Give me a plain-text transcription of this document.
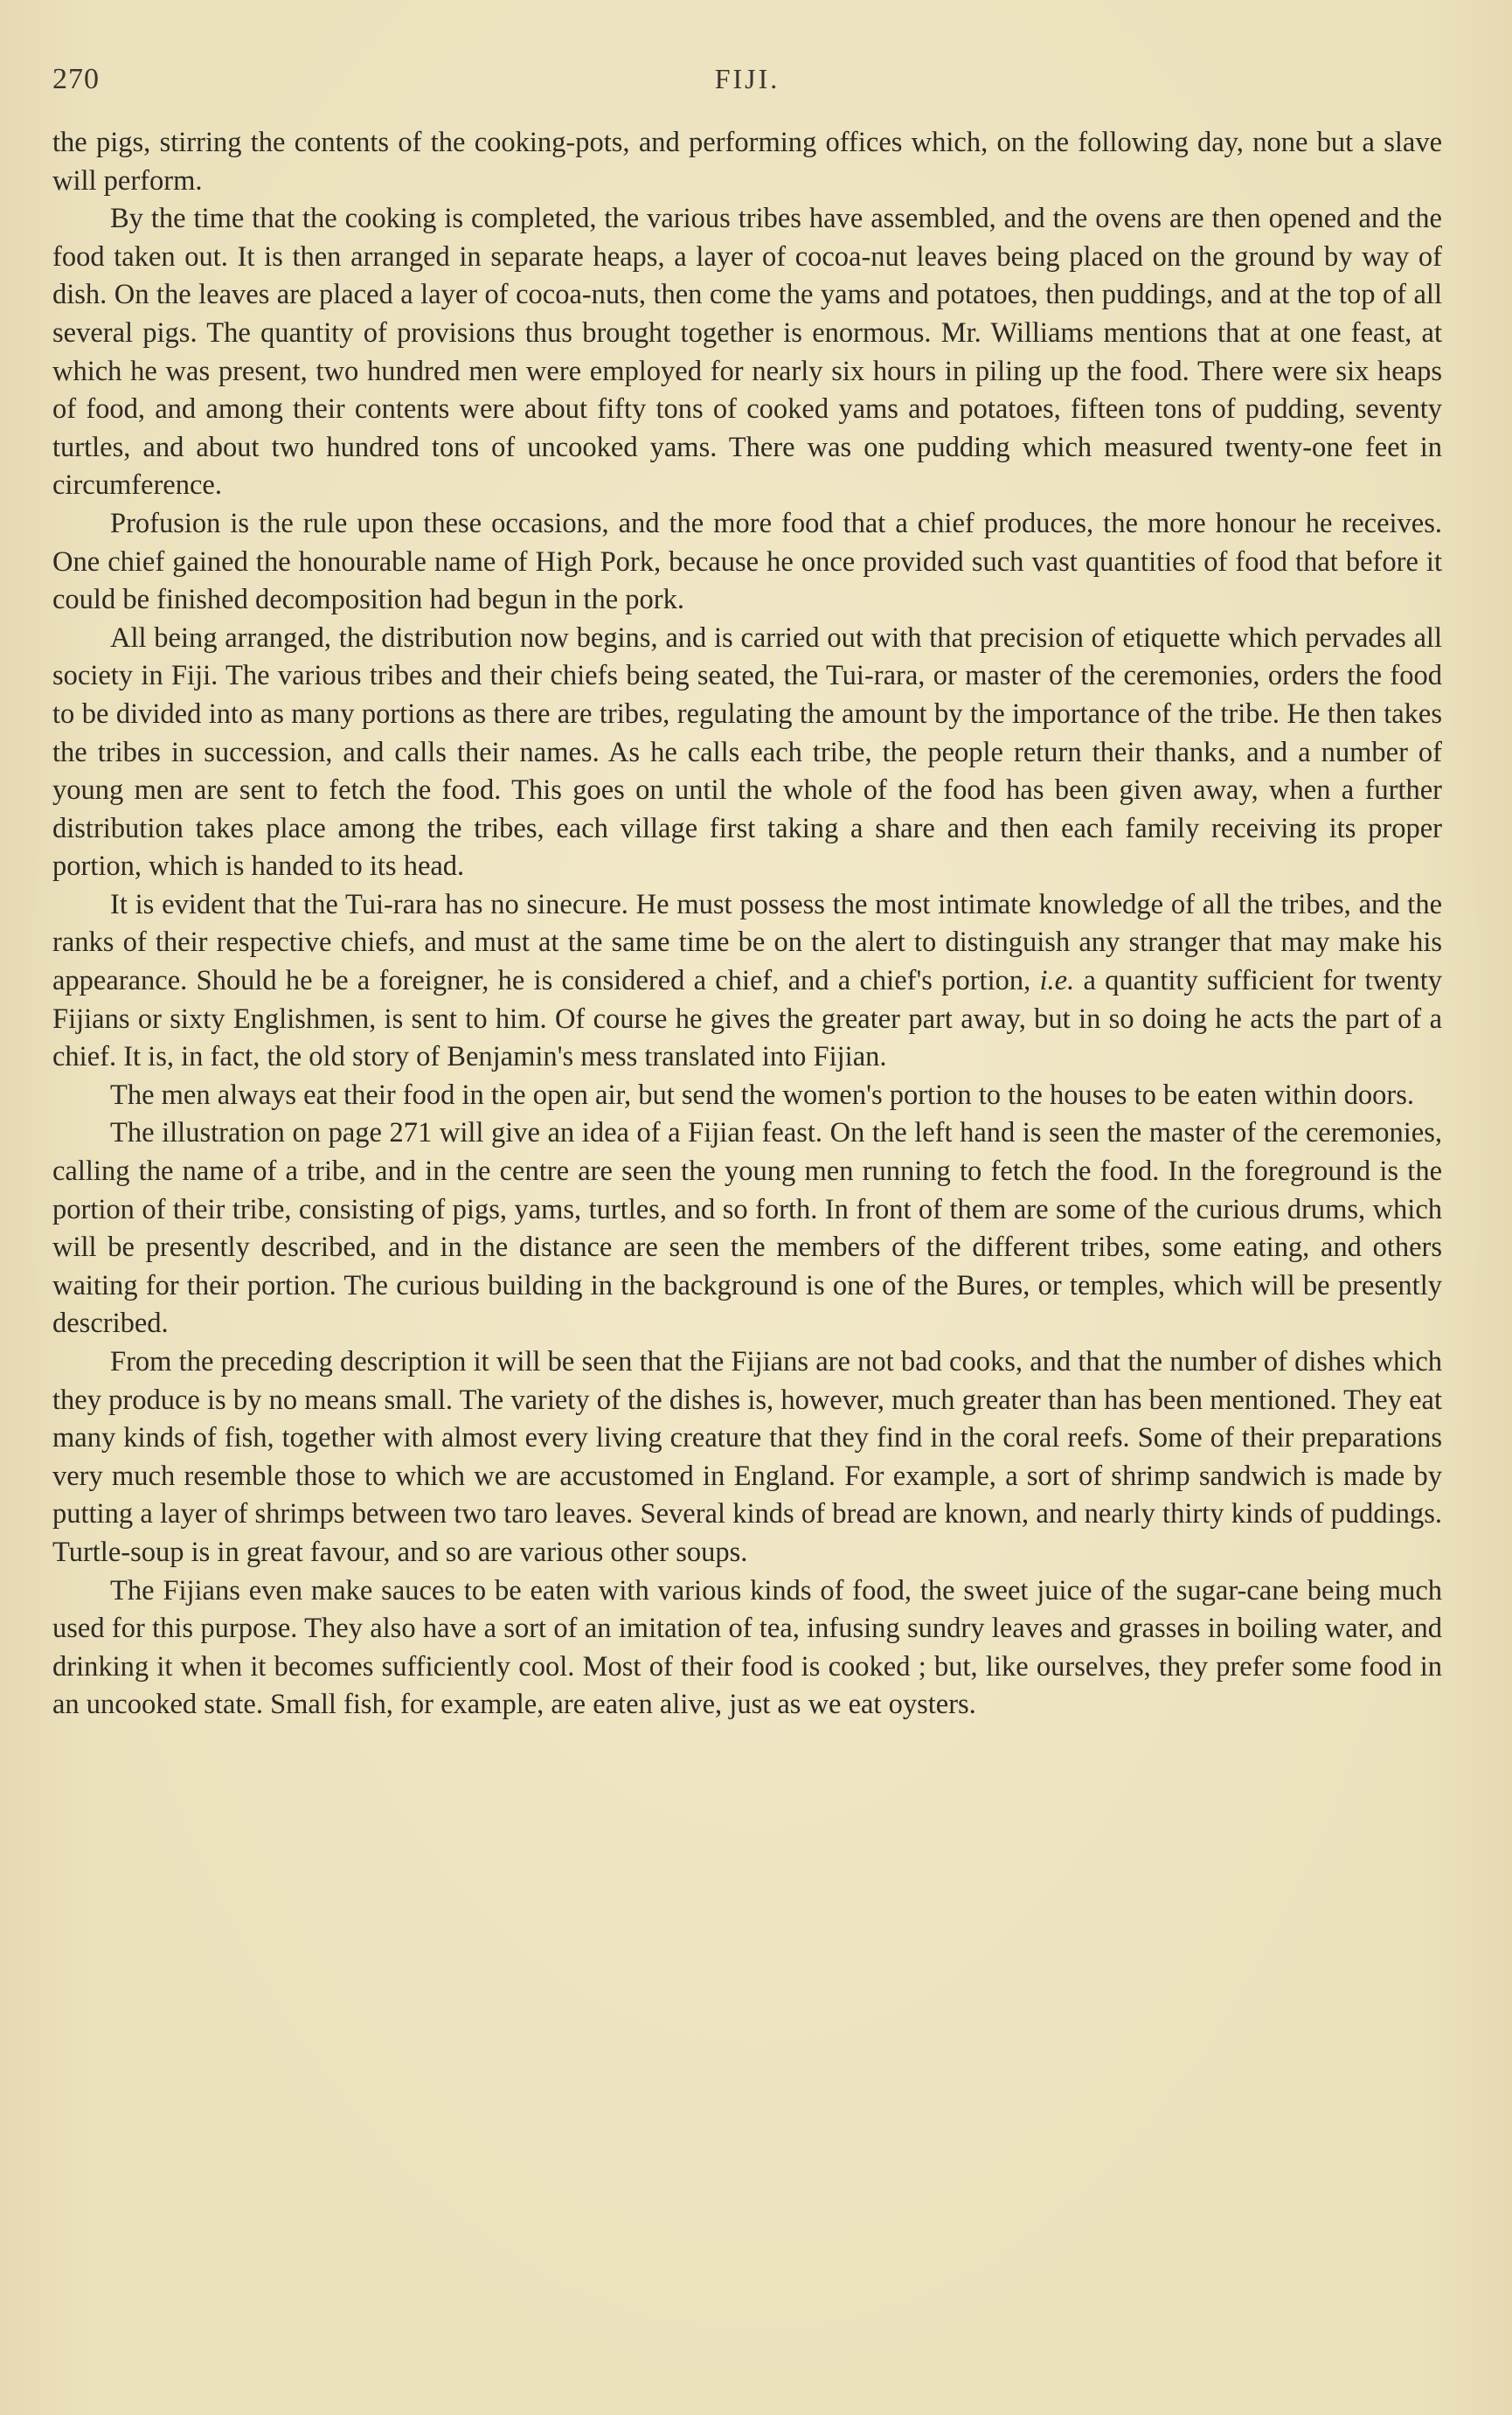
270	FIJI.

the pigs, stirring the contents of the cooking-pots, and performing offices which, on the following day, none but a slave will perform.

By the time that the cooking is completed, the various tribes have assembled, and the ovens are then opened and the food taken out. It is then arranged in separate heaps, a layer of cocoa-nut leaves being placed on the ground by way of dish. On the leaves are placed a layer of cocoa-nuts, then come the yams and potatoes, then puddings, and at the top of all several pigs. The quantity of provisions thus brought together is enormous. Mr. Williams mentions that at one feast, at which he was present, two hundred men were employed for nearly six hours in piling up the food. There were six heaps of food, and among their contents were about fifty tons of cooked yams and potatoes, fifteen tons of pudding, seventy turtles, and about two hundred tons of uncooked yams. There was one pudding which measured twenty-one feet in circumference.

Profusion is the rule upon these occasions, and the more food that a chief produces, the more honour he receives. One chief gained the honourable name of High Pork, because he once provided such vast quantities of food that before it could be finished decomposition had begun in the pork.

All being arranged, the distribution now begins, and is carried out with that precision of etiquette which pervades all society in Fiji. The various tribes and their chiefs being seated, the Tui-rara, or master of the ceremonies, orders the food to be divided into as many portions as there are tribes, regulating the amount by the importance of the tribe. He then takes the tribes in succession, and calls their names. As he calls each tribe, the people return their thanks, and a number of young men are sent to fetch the food. This goes on until the whole of the food has been given away, when a further distribution takes place among the tribes, each village first taking a share and then each family receiving its proper portion, which is handed to its head.

It is evident that the Tui-rara has no sinecure. He must possess the most intimate knowledge of all the tribes, and the ranks of their respective chiefs, and must at the same time be on the alert to distinguish any stranger that may make his appearance. Should he be a foreigner, he is considered a chief, and a chief's portion, i.e. a quantity sufficient for twenty Fijians or sixty Englishmen, is sent to him. Of course he gives the greater part away, but in so doing he acts the part of a chief. It is, in fact, the old story of Benjamin's mess translated into Fijian.

The men always eat their food in the open air, but send the women's portion to the houses to be eaten within doors.

The illustration on page 271 will give an idea of a Fijian feast. On the left hand is seen the master of the ceremonies, calling the name of a tribe, and in the centre are seen the young men running to fetch the food. In the foreground is the portion of their tribe, consisting of pigs, yams, turtles, and so forth. In front of them are some of the curious drums, which will be presently described, and in the distance are seen the members of the different tribes, some eating, and others waiting for their portion. The curious building in the background is one of the Bures, or temples, which will be presently described.

From the preceding description it will be seen that the Fijians are not bad cooks, and that the number of dishes which they produce is by no means small. The variety of the dishes is, however, much greater than has been mentioned. They eat many kinds of fish, together with almost every living creature that they find in the coral reefs. Some of their preparations very much resemble those to which we are accustomed in England. For example, a sort of shrimp sandwich is made by putting a layer of shrimps between two taro leaves. Several kinds of bread are known, and nearly thirty kinds of puddings. Turtle-soup is in great favour, and so are various other soups.

The Fijians even make sauces to be eaten with various kinds of food, the sweet juice of the sugar-cane being much used for this purpose. They also have a sort of an imitation of tea, infusing sundry leaves and grasses in boiling water, and drinking it when it becomes sufficiently cool. Most of their food is cooked ; but, like ourselves, they prefer some food in an uncooked state. Small fish, for example, are eaten alive, just as we eat oysters.
